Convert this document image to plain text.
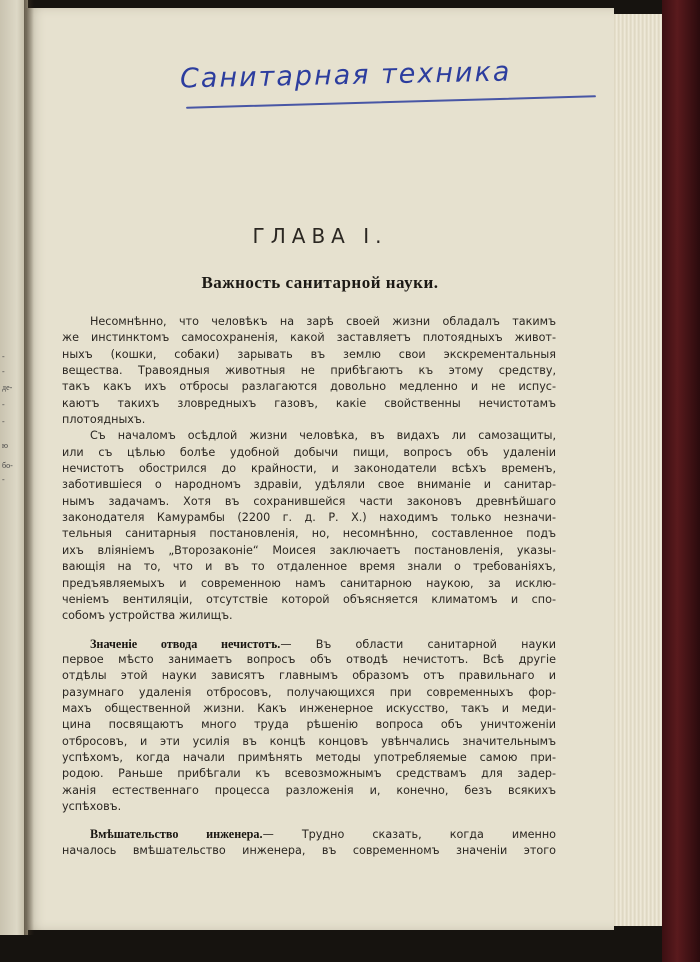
-
-
де-
-
-
ю
бо-
-
Санитарная техника
ГЛАВА I.
Важность санитарной науки.
Несомнѣнно, что человѣкъ на зарѣ своей жизни обладалъ такимъ
же инстинктомъ самосохраненія, какой заставляетъ плотоядныхъ живот-
ныхъ (кошки, собаки) зарывать въ землю свои экскрементальныя
вещества. Травоядныя животныя не прибѣгаютъ къ этому средству,
такъ какъ ихъ отбросы разлагаются довольно медленно и не испус-
каютъ такихъ зловредныхъ газовъ, какіе свойственны нечистотамъ
плотоядныхъ.
Съ началомъ осѣдлой жизни человѣка, въ видахъ ли самозащиты,
или съ цѣлью болѣе удобной добычи пищи, вопросъ объ удаленіи
нечистотъ обострился до крайности, и законодатели всѣхъ временъ,
заботившіеся о народномъ здравіи, удѣляли свое вниманіе и санитар-
нымъ задачамъ. Хотя въ сохранившейся части законовъ древнѣйшаго
законодателя Камурамбы (2200 г. д. Р. Х.) находимъ только незначи-
тельныя санитарныя постановленія, но, несомнѣнно, составленное подъ
ихъ вліяніемъ „Второзаконіе“ Моисея заключаетъ постановленія, указы-
вающія на то, что и въ то отдаленное время знали о требованіяхъ,
предъявляемыхъ и современною намъ санитарною наукою, за исклю-
ченіемъ вентиляціи, отсутствіе которой объясняется климатомъ и спо-
собомъ устройства жилищъ.
Значеніе отвода нечистотъ.— Въ области санитарной науки
первое мѣсто занимаетъ вопросъ объ отводѣ нечистотъ. Всѣ другіе
отдѣлы этой науки зависятъ главнымъ образомъ отъ правильнаго и
разумнаго удаленія отбросовъ, получающихся при современныхъ фор-
махъ общественной жизни. Какъ инженерное искусство, такъ и меди-
цина посвящаютъ много труда рѣшенію вопроса объ уничтоженіи
отбросовъ, и эти усилія въ концѣ концовъ увѣнчались значительнымъ
успѣхомъ, когда начали примѣнять методы употребляемые самою при-
родою. Раньше прибѣгали къ всевозможнымъ средствамъ для задер-
жанія естественнаго процесса разложенія и, конечно, безъ всякихъ
успѣховъ.
Вмѣшательство инженера.— Трудно сказать, когда именно
началось вмѣшательство инженера, въ современномъ значеніи этого
